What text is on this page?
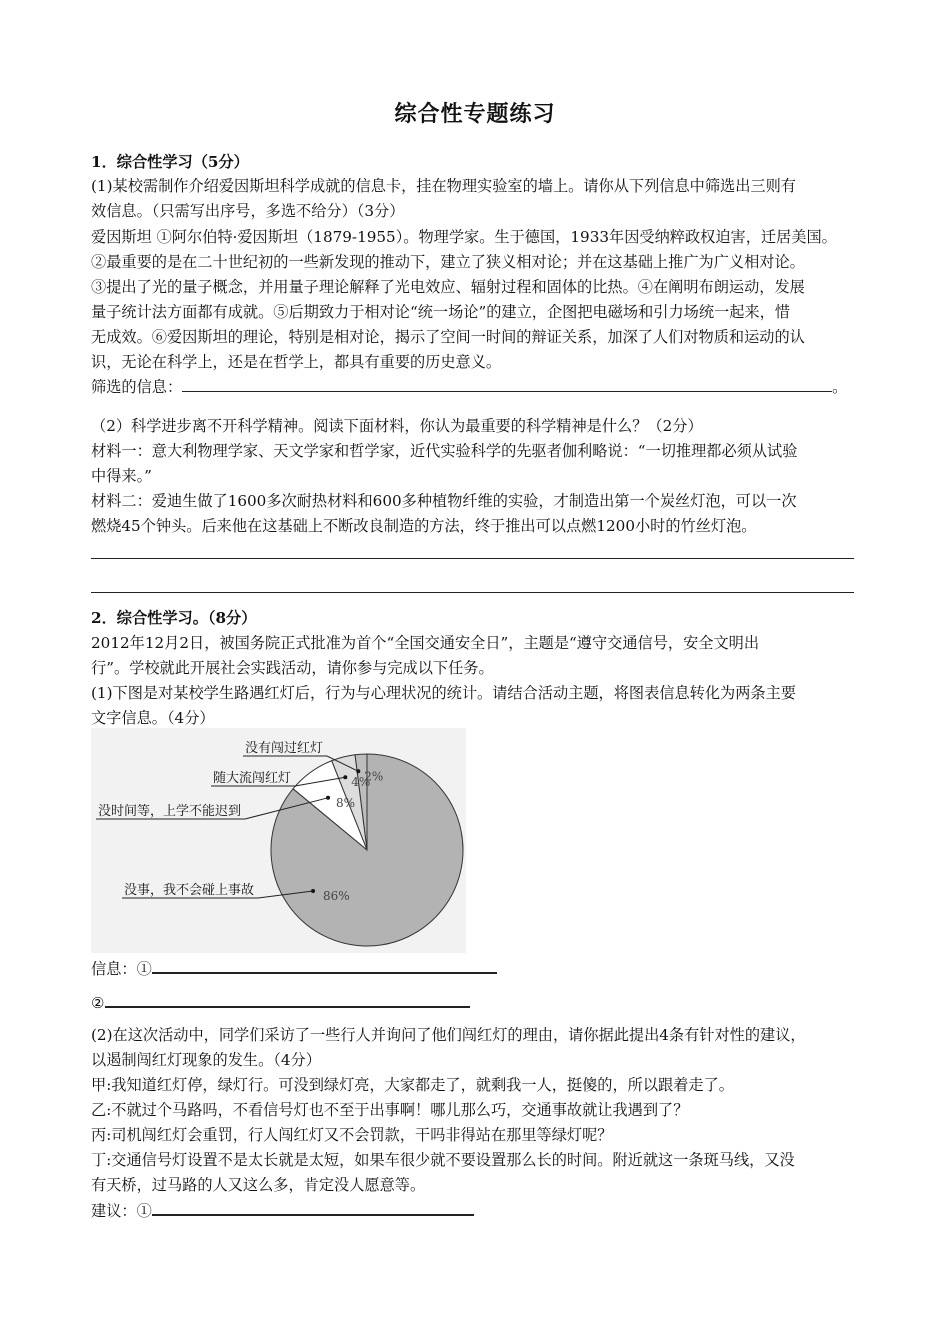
综合性专题练习
1．综合性学习（5分）
(1)某校需制作介绍爱因斯坦科学成就的信息卡，挂在物理实验室的墙上。请你从下列信息中筛选出三则有
效信息。（只需写出序号，多选不给分）（3分）
爱因斯坦 ①阿尔伯特·爱因斯坦（1879-1955）。物理学家。生于德国，1933年因受纳粹政权迫害，迁居美国。
②最重要的是在二十世纪初的一些新发现的推动下，建立了狭义相对论；并在这基础上推广为广义相对论。
③提出了光的量子概念，并用量子理论解释了光电效应、辐射过程和固体的比热。④在阐明布朗运动，发展
量子统计法方面都有成就。⑤后期致力于相对论“统一场论”的建立，企图把电磁场和引力场统一起来，惜
无成效。⑥爱因斯坦的理论，特别是相对论，揭示了空间一时间的辩证关系，加深了人们对物质和运动的认
识，无论在科学上，还是在哲学上，都具有重要的历史意义。
筛选的信息：	。
（2）科学进步离不开科学精神。阅读下面材料，你认为最重要的科学精神是什么？（2分）
材料一：意大利物理学家、天文学家和哲学家，近代实验科学的先驱者伽利略说：“一切推理都必须从试验
中得来。”
材料二：爱迪生做了1600多次耐热材料和600多种植物纤维的实验，才制造出第一个炭丝灯泡，可以一次
燃烧45个钟头。后来他在这基础上不断改良制造的方法，终于推出可以点燃1200小时的竹丝灯泡。
2．综合性学习。（8分）
2012年12月2日，被国务院正式批准为首个“全国交通安全日”，主题是“遵守交通信号，安全文明出
行”。学校就此开展社会实践活动，请你参与完成以下任务。
(1)下图是对某校学生路遇红灯后，行为与心理状况的统计。请结合活动主题，将图表信息转化为两条主要
文字信息。（4分）
86%
没事，我不会碰上事故
8%
没时间等，上学不能迟到
4%
随大流闯红灯	2%
没有闯过红灯
信息：①
②
(2)在这次活动中，同学们采访了一些行人并询问了他们闯红灯的理由，请你据此提出4条有针对性的建议，
以遏制闯红灯现象的发生。（4分）
甲:我知道红灯停，绿灯行。可没到绿灯亮，大家都走了，就剩我一人，挺傻的，所以跟着走了。
乙:不就过个马路吗，不看信号灯也不至于出事啊！哪儿那么巧，交通事故就让我遇到了？
丙:司机闯红灯会重罚，行人闯红灯又不会罚款，干吗非得站在那里等绿灯呢？
丁:交通信号灯设置不是太长就是太短，如果车很少就不要设置那么长的时间。附近就这一条斑马线，又没
有天桥，过马路的人又这么多，肯定没人愿意等。
建议：①
